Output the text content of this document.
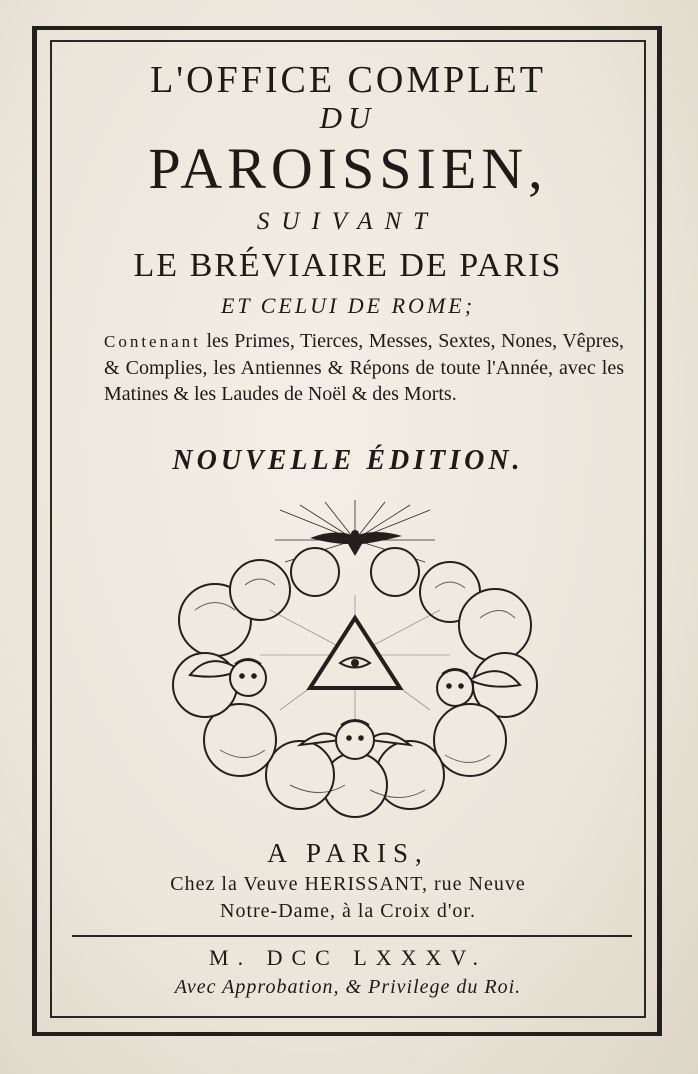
L'OFFICE COMPLET
DU
PAROISSIEN,
SUIVANT
LE BRÉVIAIRE DE PARIS
ET CELUI DE ROME;
Contenant les Primes, Tierces, Messes, Sextes, Nones, Vêpres, & Complies, les Antiennes & Répons de toute l'Année, avec les Matines & les Laudes de Noël & des Morts.
NOUVELLE ÉDITION.
A PARIS,
Chez la Veuve HERISSANT, rue Neuve
Notre-Dame, à la Croix d'or.
M. DCC LXXXV.
Avec Approbation, & Privilege du Roi.
